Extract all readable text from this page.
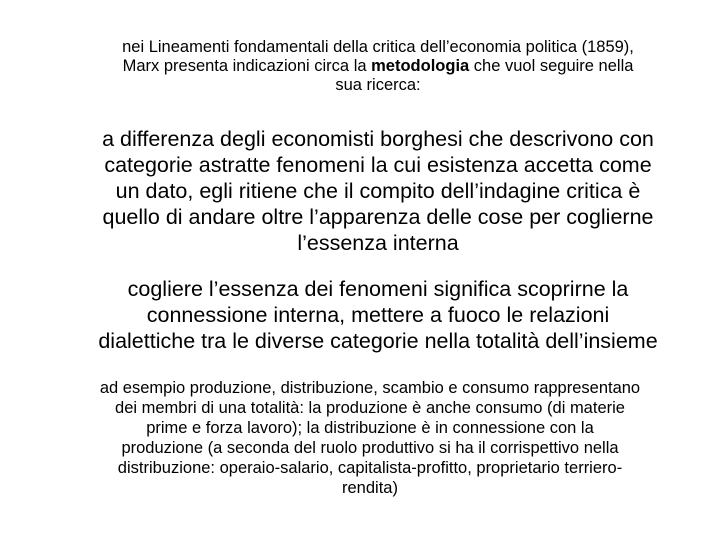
nei Lineamenti fondamentali della critica dell’economia politica (1859),
Marx presenta indicazioni circa la metodologia che vuol seguire nella
sua ricerca:

a differenza degli economisti borghesi che descrivono con
categorie astratte fenomeni la cui esistenza accetta come
un dato, egli ritiene che il compito dell’indagine critica è
quello di andare oltre l’apparenza delle cose per coglierne
l’essenza interna

cogliere l’essenza dei fenomeni significa scoprirne la
connessione interna, mettere a fuoco le relazioni
dialettiche tra le diverse categorie nella totalità dell’insieme

ad esempio produzione, distribuzione, scambio e consumo rappresentano
dei membri di una totalità: la produzione è anche consumo (di materie
prime e forza lavoro); la distribuzione è in connessione con la
produzione (a seconda del ruolo produttivo si ha il corrispettivo nella
distribuzione: operaio-salario, capitalista-profitto, proprietario terriero-
rendita)
